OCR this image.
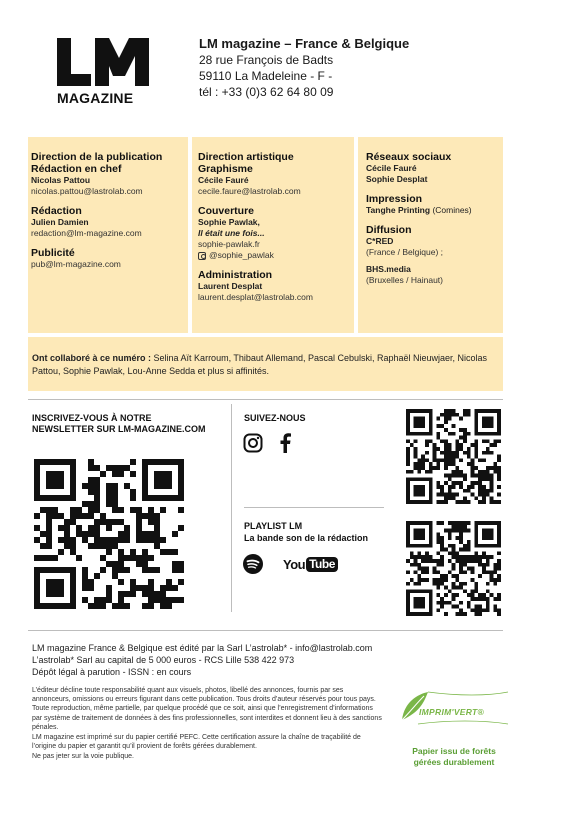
MAGAZINE
LM magazine – France & Belgique
28 rue François de Badts
59110 La Madeleine - F -
tél : +33 (0)3 62 64 80 09
Direction de la publication
Rédaction en chef
Nicolas Pattou
nicolas.pattou@lastrolab.com
Rédaction
Julien Damien
redaction@lm-magazine.com
Publicité
pub@lm-magazine.com
Direction artistique
Graphisme
Cécile Fauré
cecile.faure@lastrolab.com
Couverture
Sophie Pawlak,
Il était une fois...
sophie-pawlak.fr
@sophie_pawlak
Administration
Laurent Desplat
laurent.desplat@lastrolab.com
Réseaux sociaux
Cécile Fauré
Sophie Desplat
Impression
Tanghe Printing (Comines)
Diffusion
C*RED
(France / Belgique) ;
BHS.media
(Bruxelles / Hainaut)
Ont collaboré à ce numéro : Selina Aït Karroum, Thibaut Allemand, Pascal Cebulski, Raphaël Nieuwjaer, Nicolas Pattou, Sophie Pawlak, Lou-Anne Sedda et plus si affinités.
INSCRIVEZ-VOUS À NOTRE
NEWSLETTER SUR LM-MAGAZINE.COM
SUIVEZ-NOUS
PLAYLIST LM
La bande son de la rédaction
You Tube
LM magazine France & Belgique est édité par la Sarl L’astrolab* - info@lastrolab.com
L’astrolab* Sarl au capital de 5 000 euros - RCS Lille 538 422 973
Dépôt légal à parution - ISSN : en cours

L’éditeur décline toute responsabilité quant aux visuels, photos, libellé des annonces, fournis par ses annonceurs, omissions ou erreurs figurant dans cette publication. Tous droits d’auteur réservés pour tous pays. Toute reproduction, même partielle, par quelque procédé que ce soit, ainsi que l’enregistrement d’informations par système de traitement de données à des fins professionnelles, sont interdites et donnent lieu à des sanctions pénales.

LM magazine est imprimé sur du papier certifié PEFC. Cette certification assure la chaîne de traçabilité de l’origine du papier et garantit qu’il provient de forêts gérées durablement.

Ne pas jeter sur la voie publique.

IMPRIM'VERT®
Papier issu de forêts
gérées durablement
